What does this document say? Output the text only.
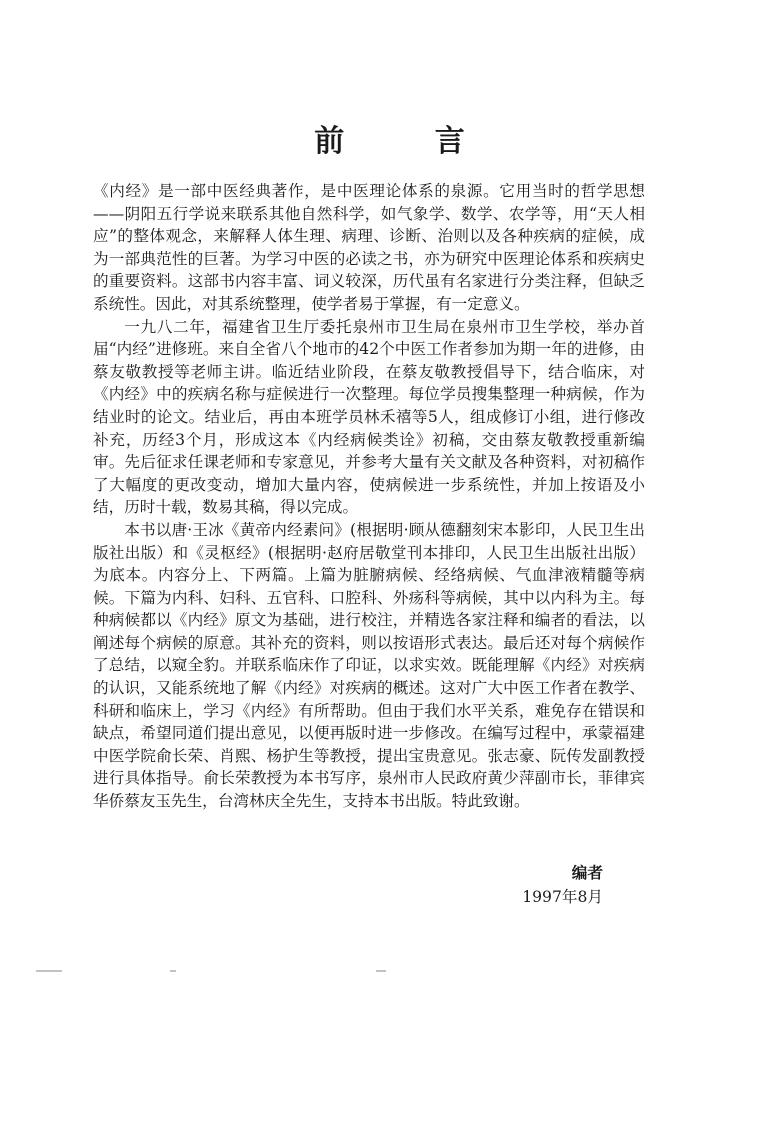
前 言

《内经》是一部中医经典著作，是中医理论体系的泉源。它用当时的哲学思想——阴阳五行学说来联系其他自然科学，如气象学、数学、农学等，用“天人相应”的整体观念，来解释人体生理、病理、诊断、治则以及各种疾病的症候，成为一部典范性的巨著。为学习中医的必读之书，亦为研究中医理论体系和疾病史的重要资料。这部书内容丰富、词义较深，历代虽有名家进行分类注释，但缺乏系统性。因此，对其系统整理，使学者易于掌握，有一定意义。

一九八二年，福建省卫生厅委托泉州市卫生局在泉州市卫生学校，举办首届“内经”进修班。来自全省八个地市的42个中医工作者参加为期一年的进修，由蔡友敬教授等老师主讲。临近结业阶段，在蔡友敬教授倡导下，结合临床，对《内经》中的疾病名称与症候进行一次整理。每位学员搜集整理一种病候，作为结业时的论文。结业后，再由本班学员林禾禧等5人，组成修订小组，进行修改补充，历经3个月，形成这本《内经病候类诠》初稿，交由蔡友敬教授重新编审。先后征求任课老师和专家意见，并参考大量有关文献及各种资料，对初稿作了大幅度的更改变动，增加大量内容，使病候进一步系统性，并加上按语及小结，历时十载，数易其稿，得以完成。

本书以唐·王冰《黄帝内经素问》(根据明·顾从德翻刻宋本影印，人民卫生出版社出版）和《灵枢经》(根据明·赵府居敬堂刊本排印，人民卫生出版社出版）为底本。内容分上、下两篇。上篇为脏腑病候、经络病候、气血津液精髓等病候。下篇为内科、妇科、五官科、口腔科、外疡科等病候，其中以内科为主。每种病候都以《内经》原文为基础，进行校注，并精选各家注释和编者的看法，以阐述每个病候的原意。其补充的资料，则以按语形式表达。最后还对每个病候作了总结，以窥全豹。并联系临床作了印证，以求实效。既能理解《内经》对疾病的认识，又能系统地了解《内经》对疾病的概述。这对广大中医工作者在教学、科研和临床上，学习《内经》有所帮助。但由于我们水平关系，难免存在错误和缺点，希望同道们提出意见，以便再版时进一步修改。在编写过程中，承蒙福建中医学院俞长荣、肖熙、杨护生等教授，提出宝贵意见。张志豪、阮传发副教授进行具体指导。俞长荣教授为本书写序，泉州市人民政府黄少萍副市长，菲律宾华侨蔡友玉先生，台湾林庆全先生，支持本书出版。特此致谢。

编者
1997年8月
